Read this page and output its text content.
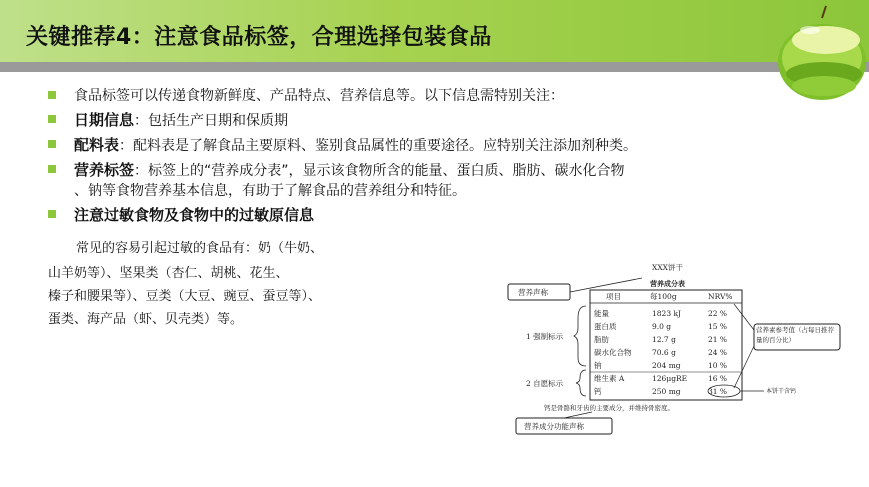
关键推荐4：注意食品标签，合理选择包装食品
食品标签可以传递食物新鲜度、产品特点、营养信息等。以下信息需特别关注：
日期信息：包括生产日期和保质期
配料表：配料表是了解食品主要原料、鉴别食品属性的重要途径。应特别关注添加剂种类。
营养标签：标签上的“营养成分表”，显示该食物所含的能量、蛋白质、脂肪、碳水化合物
、钠等食物营养基本信息，有助于了解食品的营养组分和特征。
注意过敏食物及食物中的过敏原信息
常见的容易引起过敏的食品有：奶（牛奶、
山羊奶等）、坚果类（杏仁、胡桃、花生、
榛子和腰果等）、豆类（大豆、豌豆、蚕豆等）、
蛋类、海产品（虾、贝壳类）等。
XXX饼干
营养成分表
项目	每100g	NRV%
能量	1823 kJ	22 %
蛋白质	9.0 g	15 %
脂肪	12.7 g	21 %
碳水化合物	70.6 g	24 %
钠	204 mg	10 %
维生素 A	126μgRE	16 %
钙	250 mg	31 %
营养声称
1 强制标示
2 自愿标示
营养素参考值（占每日推荐量的百分比）
本饼干含钙
钙是骨骼和牙齿的主要成分，并维持骨密度。
营养成分功能声称
